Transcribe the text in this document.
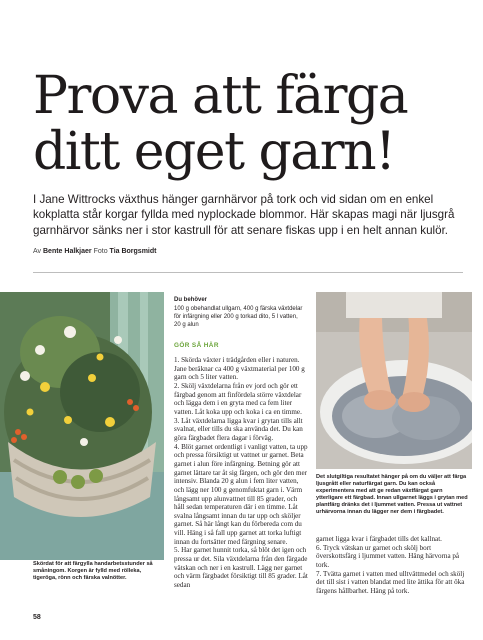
Prova att färga
ditt eget garn!

I Jane Wittrocks växthus hänger garnhärvor på tork och vid sidan om en enkel kokplatta står korgar fyllda med nyplockade blommor. Här skapas magi när ljusgrå garnhärvor sänks ner i stor kastrull för att senare fiskas upp i en helt annan kulör.

Av Bente Halkjaer Foto Tia Borgsmidt
Du behöver
100 g obehandlat ullgarn, 400 g färska växtdelar för infärgning eller 200 g torkad dito, 5 l vatten, 20 g alun
GÖR SÅ HÄR

1. Skörda växter i trädgården eller i naturen. Jane beräknar ca 400 g växtmaterial per 100 g garn och 5 liter vatten.

2. Skölj växtdelarna från ev jord och gör ett färgbad genom att finfördela större växtdelar och lägga dem i en gryta med ca fem liter vatten. Låt koka upp och koka i ca en timme.

3. Låt växtdelarna ligga kvar i grytan tills allt svalnat, eller tills du ska använda det. Du kan göra färgbadet flera dagar i förväg.

4. Blöt garnet ordentligt i vanligt vatten, ta upp och pressa försiktigt ut vattnet ur garnet. Beta garnet i alun före infärgning. Betning gör att garnet lättare tar åt sig färgen, och gör den mer intensiv. Blanda 20 g alun i fem liter vatten, och lägg ner 100 g genomfuktat garn i. Värm långsamt upp alunvattnet till 85 grader, och håll sedan temperaturen där i en timme. Låt svalna långsamt innan du tar upp och sköljer garnet. Så här långt kan du förbereda com du vill. Häng i så fall upp garnet att torka luftigt innan du fortsätter med färgning senare.

5. Har garnet hunnit torka, så blöt det igen och pressa ur det. Sila växtdelarna från den färgade vätskan och ner i en kastrull. Lägg ner garnet och värm färgbadet försiktigt till 85 grader. Låt sedan

Det slutgiltiga resultatet hänger på om du väljer att färga ljusgrått eller naturfärgat garn. Du kan också experimentera med att ge redan växtfärgat garn ytterligare ett färgbad. Innan ullgarnet läggs i grytan med plantfärg dränks det i ljummet vatten. Pressa ut vattnet urhärvorna innan du lägger ner dem i färgbadet.

garnet ligga kvar i färgbadet tills det kallnat.

6. Tryck vätskan ur garnet och skölj bort överskottsfärg i ljummet vatten. Häng härvorna på tork.

7. Tvätta garnet i vatten med ulltvättmedel och skölj det till sist i vatten blandat med lite ättika för att öka färgens hållbarhet. Häng på tork.

Skördat för att färgylla handarbetsstunder så småningom. Korgen är fylld med rölleka, tigeröga, rönn och färska valnötter.

58
